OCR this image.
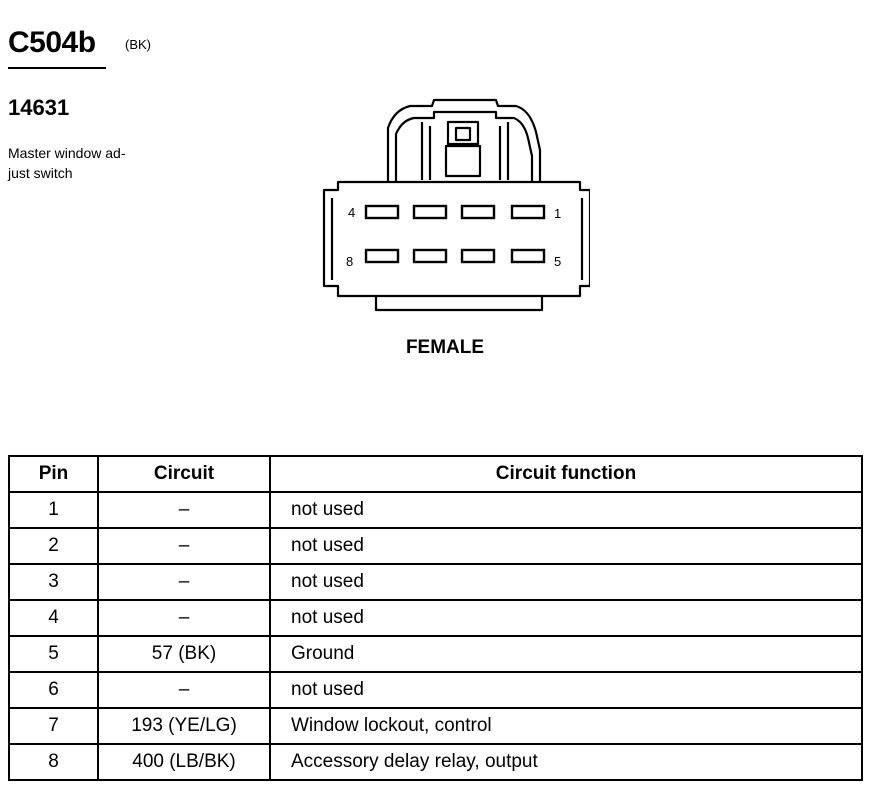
C504b (BK)
14631
Master window ad-
just switch
4	1
8	5
FEMALE
Pin	Circuit	Circuit function
1	–	not used
2	–	not used
3	–	not used
4	–	not used
5	57 (BK)	Ground
6	–	not used
7	193 (YE/LG)	Window lockout, control
8	400 (LB/BK)	Accessory delay relay, output
